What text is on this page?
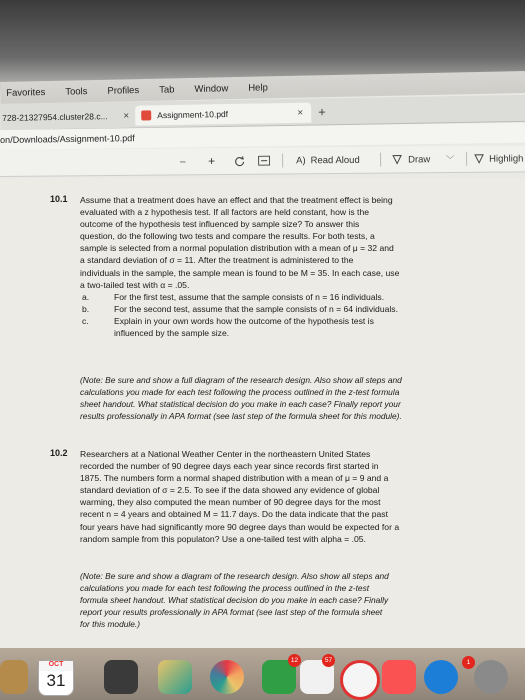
Favorites Tools Profiles Tab Window Help
728-21327954.cluster28.c... ×	Assignment-10.pdf	× +
on/Downloads/Assignment-10.pdf
– +	A) Read Aloud	Draw ﹀	Highligh
10.1 Assume that a treatment does have an effect and that the treatment effect is being
evaluated with a z hypothesis test. If all factors are held constant, how is the
outcome of the hypothesis test influenced by sample size? To answer this
question, do the following two tests and compare the results. For both tests, a
sample is selected from a normal population distribution with a mean of μ = 32 and
a standard deviation of σ = 11. After the treatment is administered to the
individuals in the sample, the sample mean is found to be M = 35. In each case, use
a two-tailed test with α = .05.
a.	For the first test, assume that the sample consists of n = 16 individuals.
b.	For the second test, assume that the sample consists of n = 64 individuals.
c.	Explain in your own words how the outcome of the hypothesis test is
influenced by the sample size.
(Note: Be sure and show a full diagram of the research design. Also show all steps and
calculations you made for each test following the process outlined in the z-test formula
sheet handout. What statistical decision do you make in each case? Finally report your
results professionally in APA format (see last step of the formula sheet for this module).
10.2 Researchers at a National Weather Center in the northeastern United States
recorded the number of 90 degree days each year since records first started in
1875. The numbers form a normal shaped distribution with a mean of μ = 9 and a
standard deviation of σ = 2.5. To see if the data showed any evidence of global
warming, they also computed the mean number of 90 degree days for the most
recent n = 4 years and obtained M = 11.7 days. Do the data indicate that the past
four years have had significantly more 90 degree days than would be expected for a
random sample from this populaton? Use a one-tailed test with alpha = .05.
(Note: Be sure and show a diagram of the research design. Also show all steps and
calculations you made for each test following the process outlined in the z-test
formula sheet handout. What statistical decision do you make in each case? Finally
report your results professionally in APA format (see last step of the formula sheet
for this module.)
OCT
31
12	57	1
